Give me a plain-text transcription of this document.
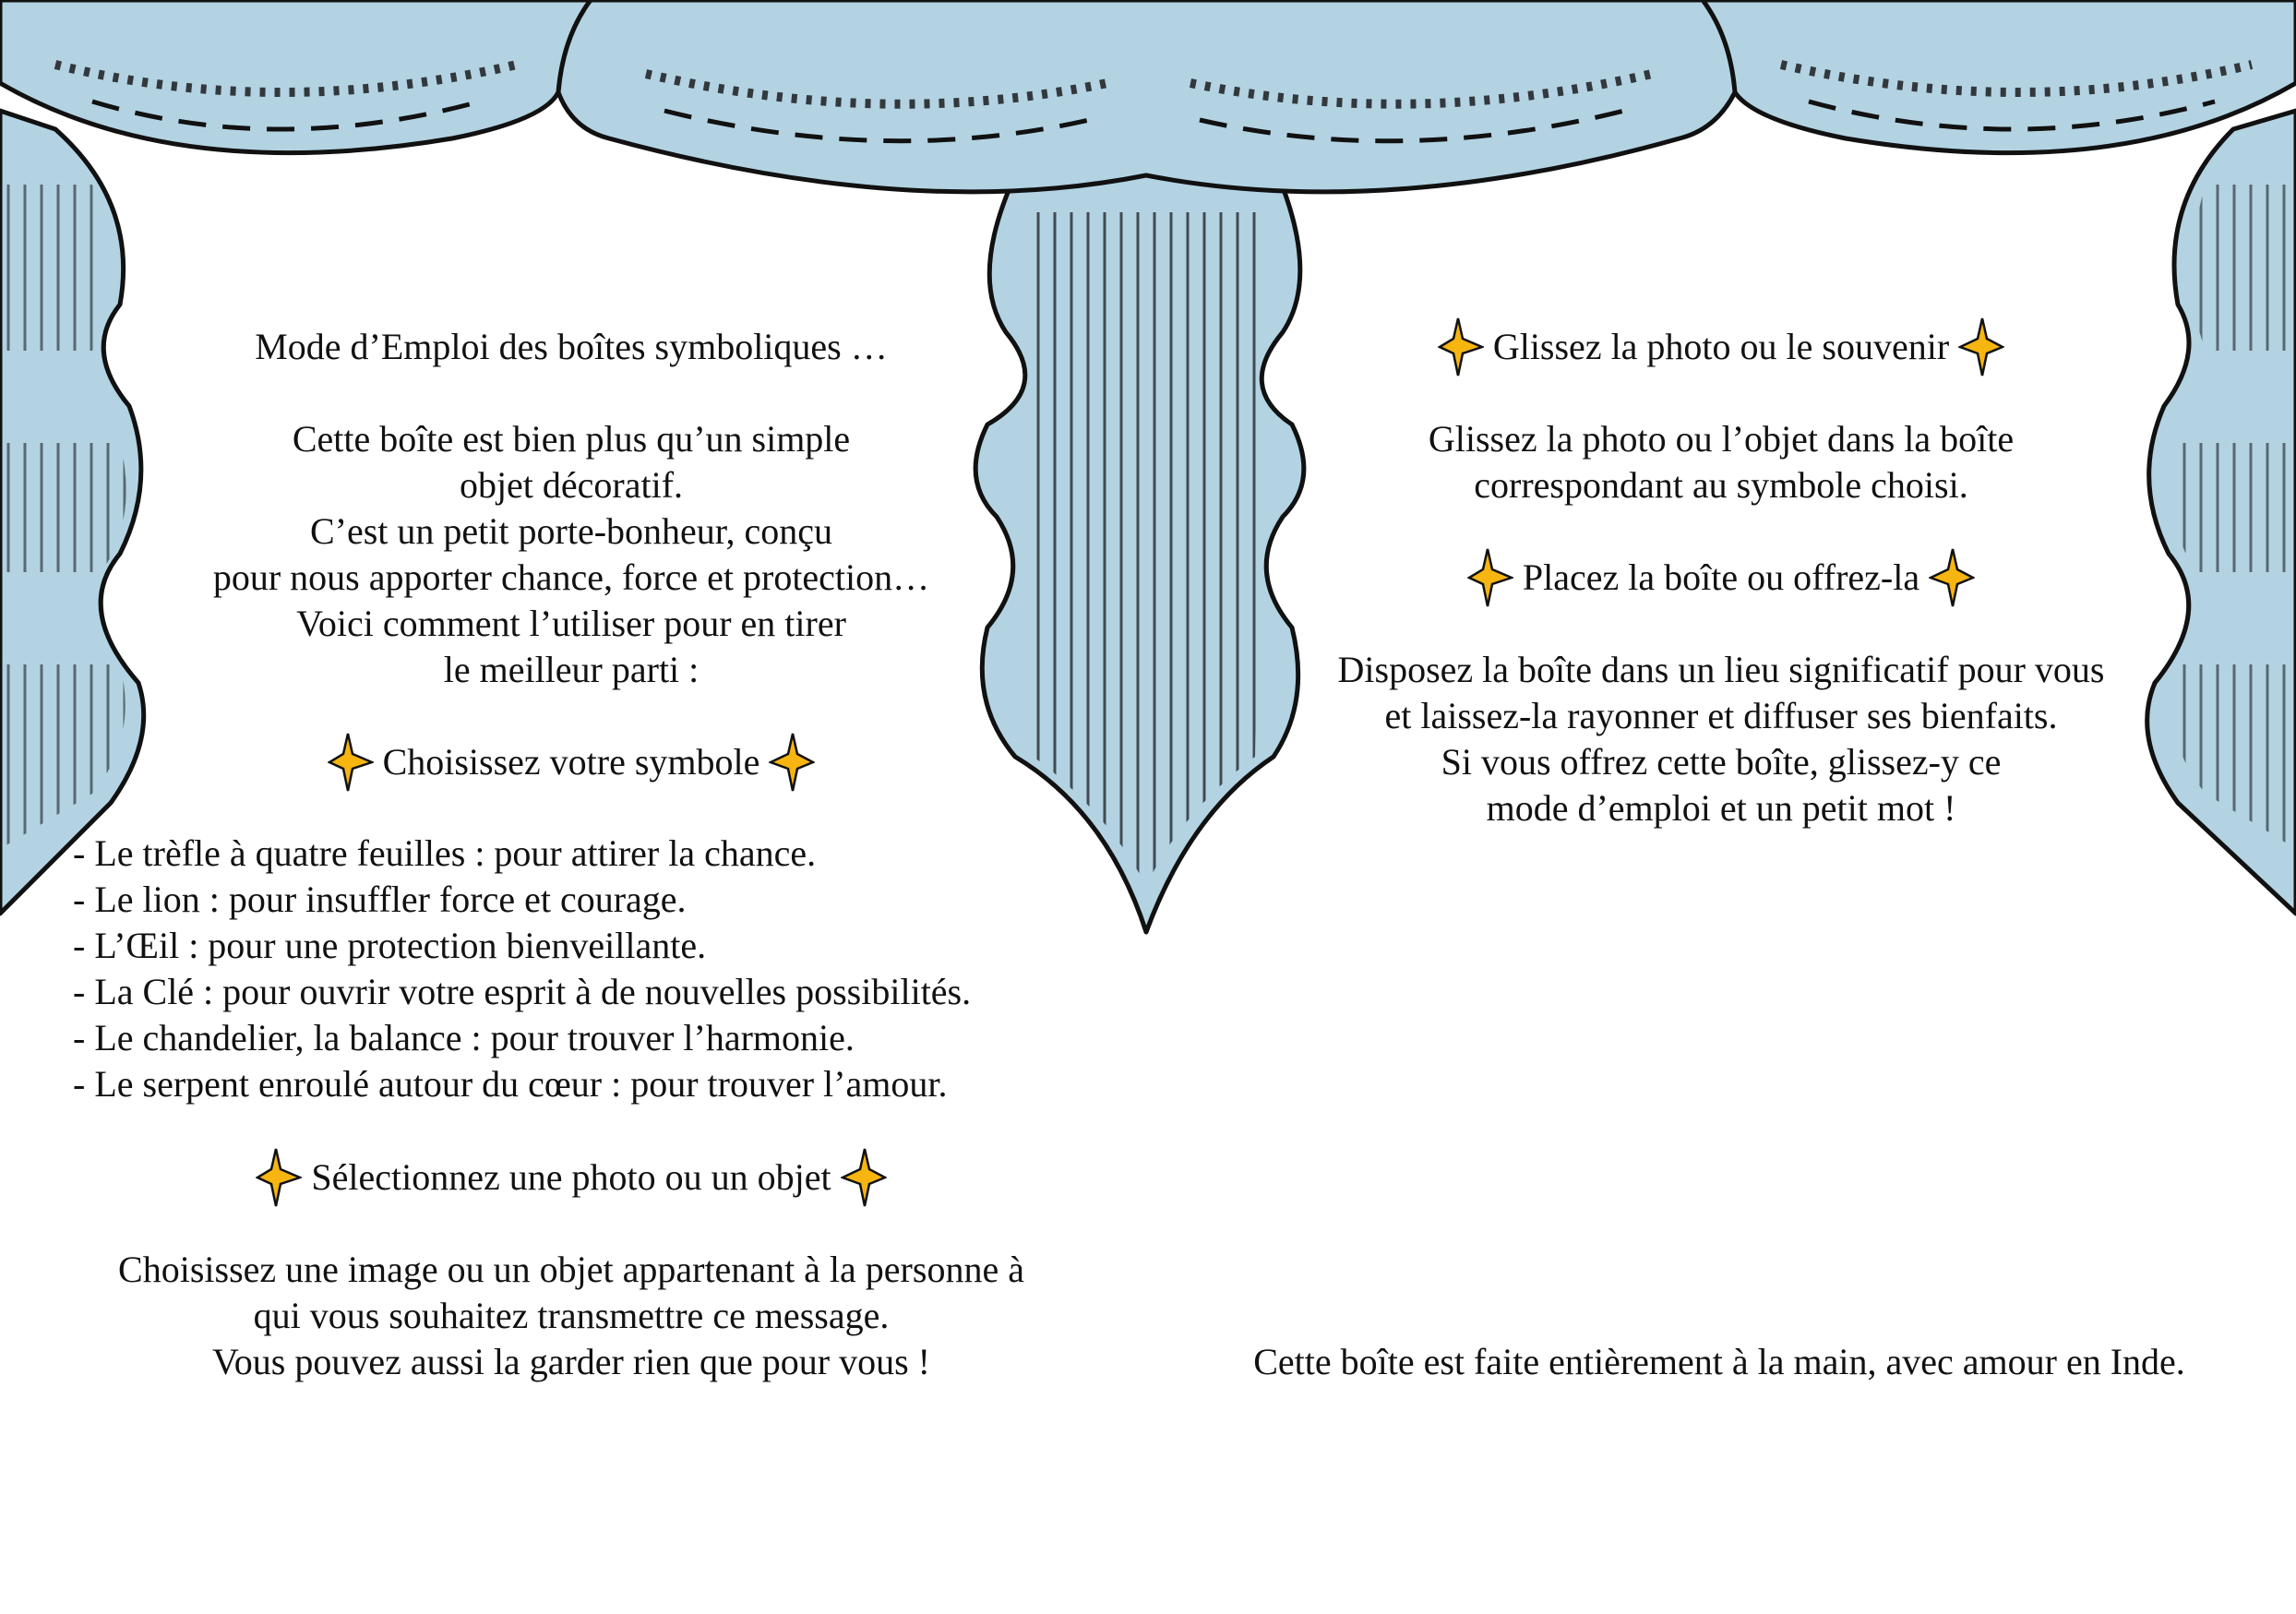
Mode d’Emploi des boîtes symboliques …
Cette boîte est bien plus qu’un simple
objet décoratif.
C’est un petit porte-bonheur, conçu
pour nous apporter chance, force et protection…
Voici comment l’utiliser pour en tirer
le meilleur parti :
Choisissez votre symbole
- Le trèfle à quatre feuilles : pour attirer la chance.
- Le lion : pour insuffler force et courage.
- L’Œil : pour une protection bienveillante.
- La Clé : pour ouvrir votre esprit à de nouvelles possibilités.
- Le chandelier, la balance : pour trouver l’harmonie.
- Le serpent enroulé autour du cœur : pour trouver l’amour.
Sélectionnez une photo ou un objet
Choisissez une image ou un objet appartenant à la personne à
qui vous souhaitez transmettre ce message.
Vous pouvez aussi la garder rien que pour vous !
Glissez la photo ou le souvenir
Glissez la photo ou l’objet dans la boîte
correspondant au symbole choisi.
Placez la boîte ou offrez-la
Disposez la boîte dans un lieu significatif pour vous
et laissez-la rayonner et diffuser ses bienfaits.
Si vous offrez cette boîte, glissez-y ce
mode d’emploi et un petit mot !
Cette boîte est faite entièrement à la main, avec amour en Inde.
